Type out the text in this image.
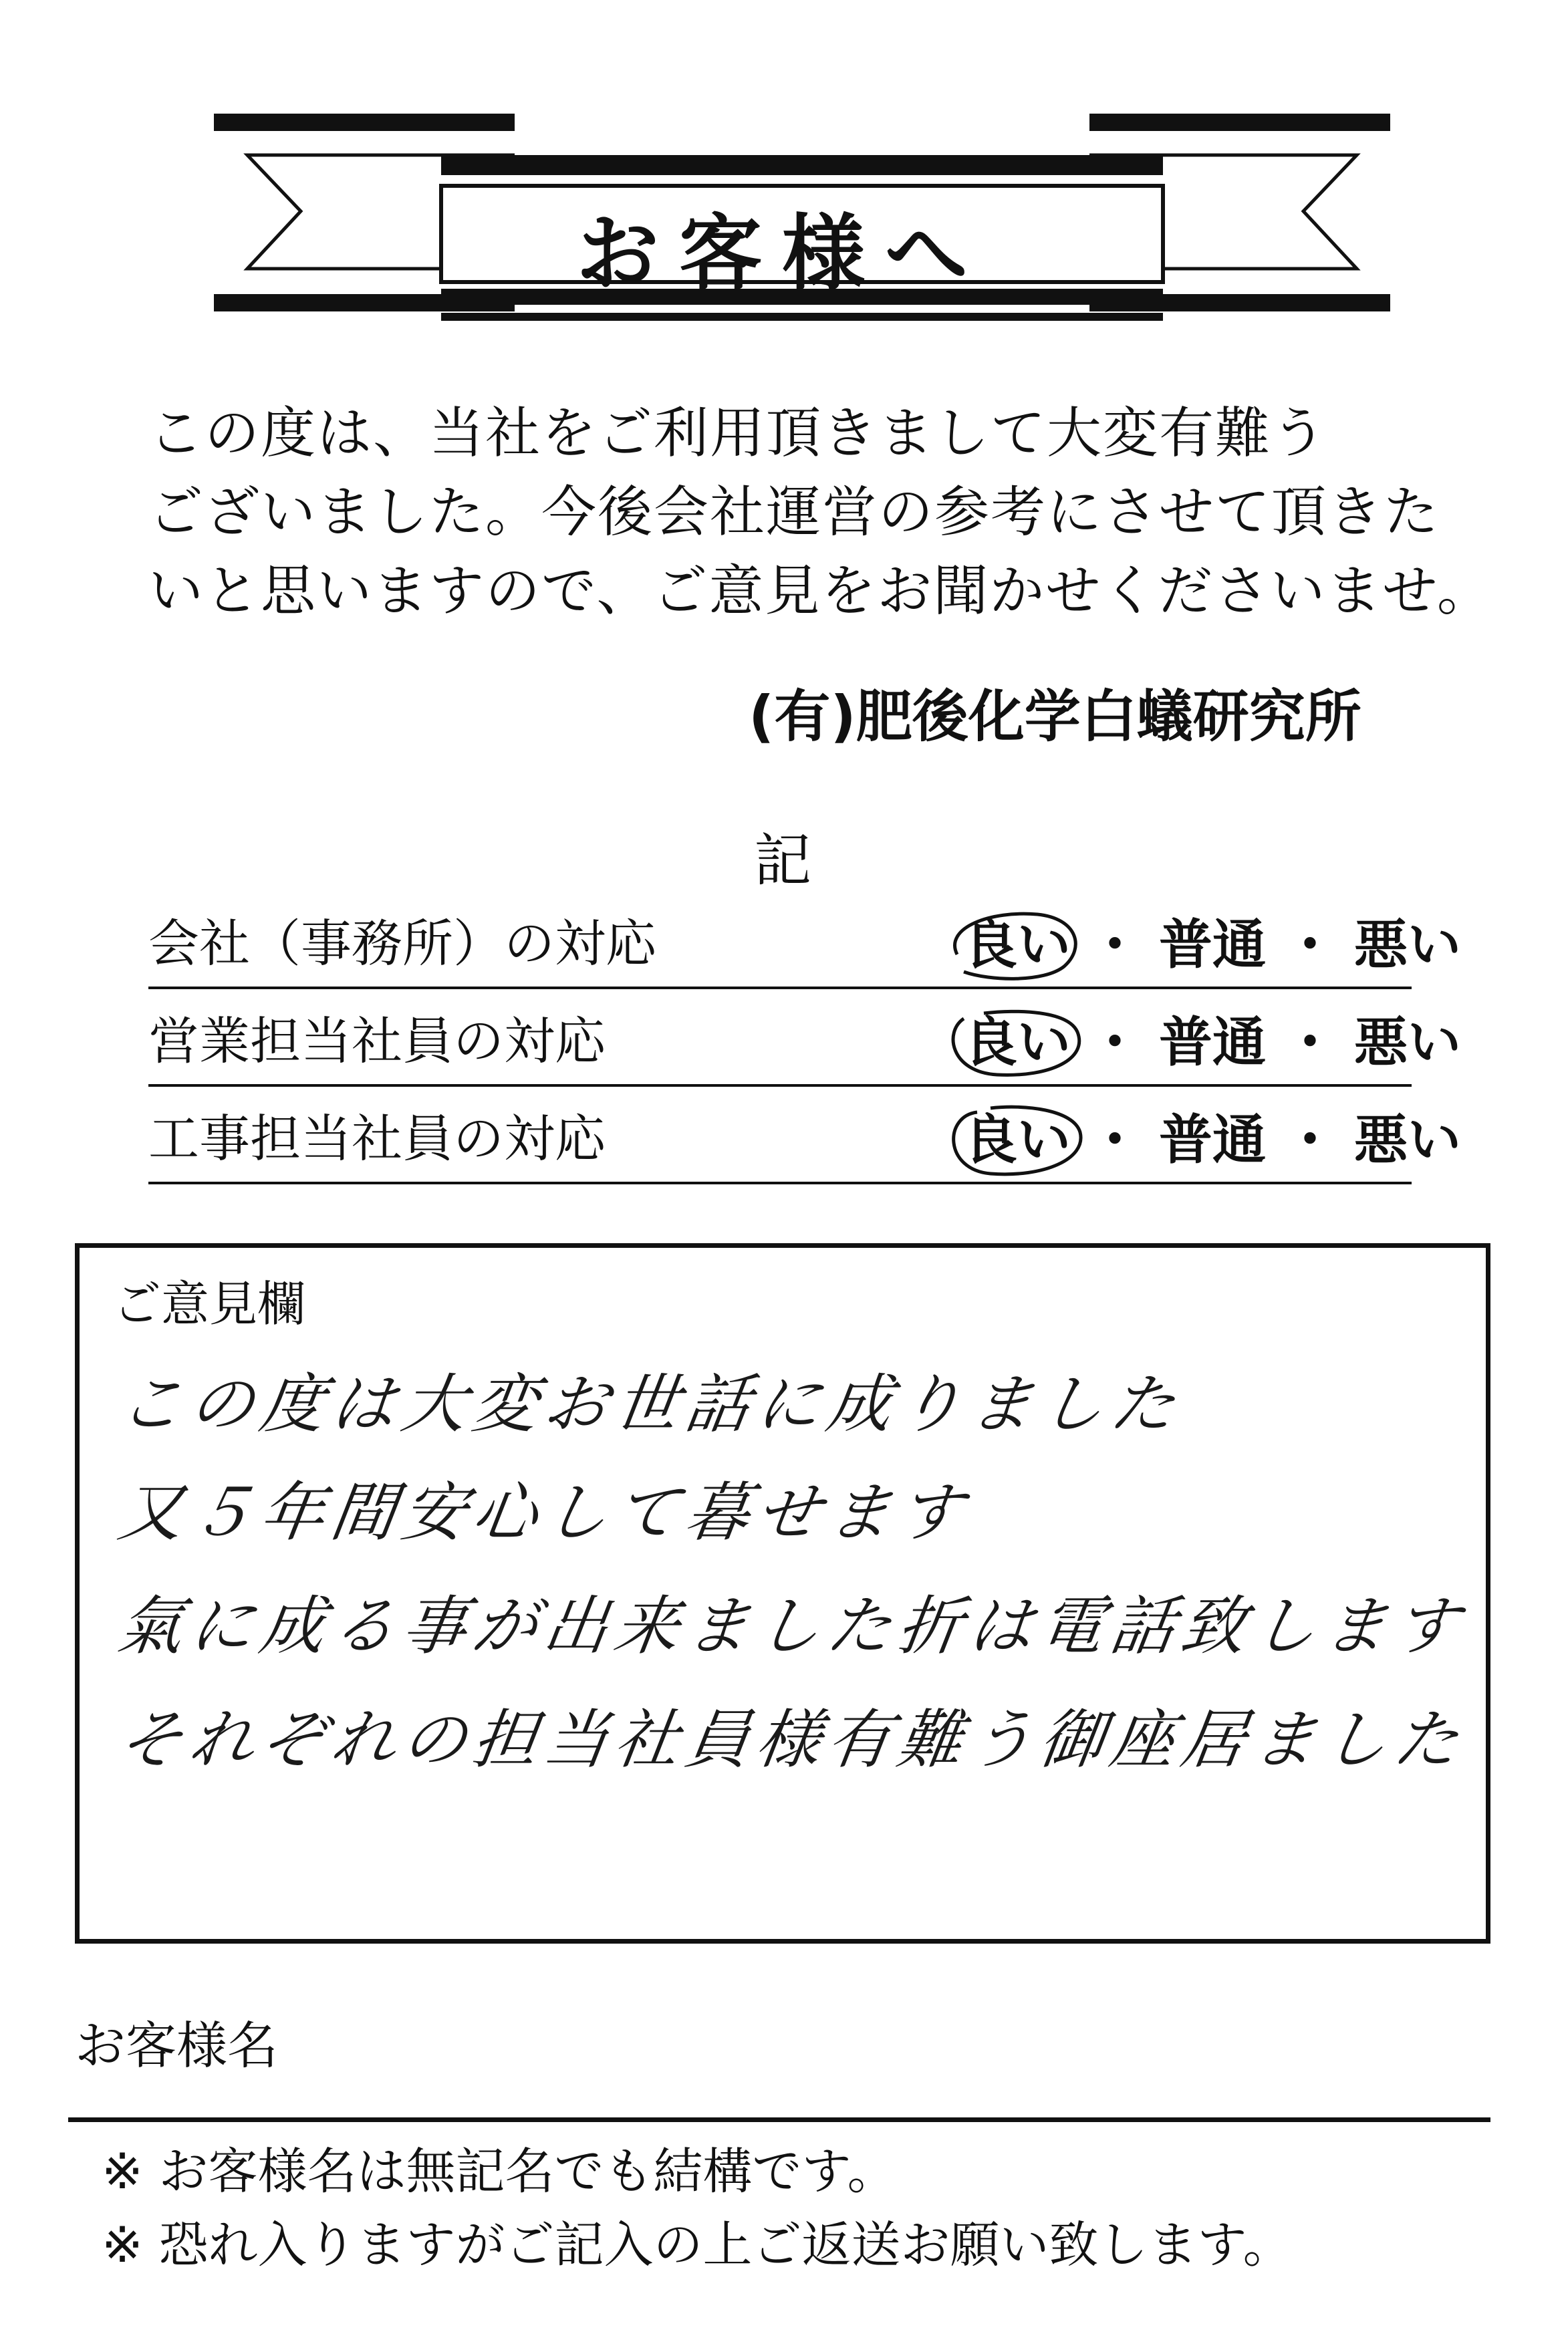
お客様へ
この度は、当社をご利用頂きまして大変有難う
ございました。今後会社運営の参考にさせて頂きた
いと思いますので、ご意見をお聞かせくださいませ。
(有)肥後化学白蟻研究所
記
会社（事務所）の対応	良い ・ 普通 ・ 悪い
営業担当社員の対応	良い ・ 普通 ・ 悪い
工事担当社員の対応	良い ・ 普通 ・ 悪い
ご意見欄
この度は大変お世話に成りました
又５年間安心して暮せます
氣に成る事が出来ました折は電話致します
それぞれの担当社員様有難う御座居ました
お客様名
※ お客様名は無記名でも結構です。
※ 恐れ入りますがご記入の上ご返送お願い致します。
